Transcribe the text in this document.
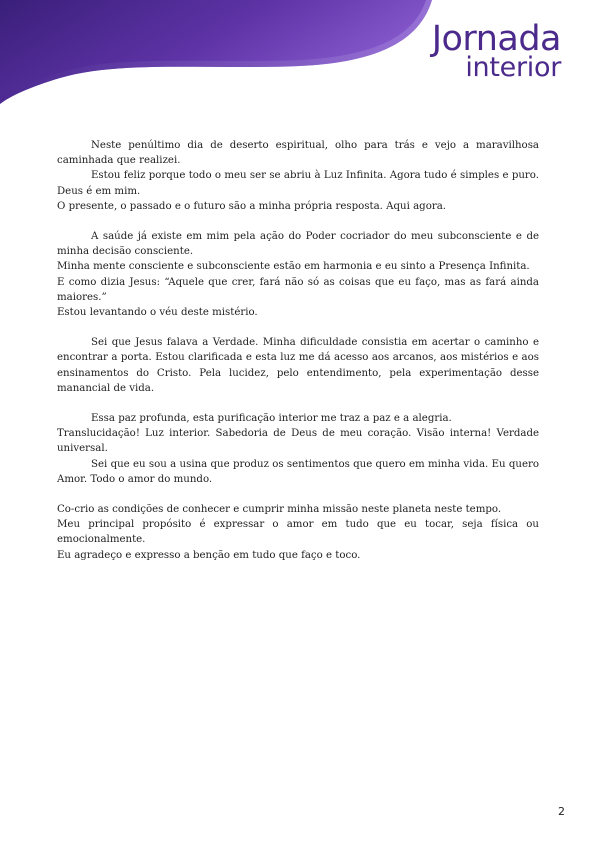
Jornada
interior

Neste penúltimo dia de deserto espiritual, olho para trás e vejo a maravilhosa caminhada que realizei.

Estou feliz porque todo o meu ser se abriu à Luz Infinita. Agora tudo é simples e puro. Deus é em mim.

O presente, o passado e o futuro são a minha própria resposta. Aqui agora.

A saúde já existe em mim pela ação do Poder cocriador do meu subconsciente e de minha decisão consciente.

Minha mente consciente e subconsciente estão em harmonia e eu sinto a Presença Infinita.

E como dizia Jesus: “Aquele que crer, fará não só as coisas que eu faço, mas as fará ainda maiores.”

Estou levantando o véu deste mistério.

Sei que Jesus falava a Verdade. Minha dificuldade consistia em acertar o caminho e encontrar a porta. Estou clarificada e esta luz me dá acesso aos arcanos, aos mistérios e aos ensinamentos do Cristo. Pela lucidez, pelo entendimento, pela experimentação desse manancial de vida.

Essa paz profunda, esta purificação interior me traz a paz e a alegria.

Translucidação! Luz interior. Sabedoria de Deus de meu coração. Visão interna! Verdade universal.

Sei que eu sou a usina que produz os sentimentos que quero em minha vida. Eu quero Amor. Todo o amor do mundo.

Co-crio as condições de conhecer e cumprir minha missão neste planeta neste tempo.

Meu principal propósito é expressar o amor em tudo que eu tocar, seja física ou emocionalmente.

Eu agradeço e expresso a benção em tudo que faço e toco.

2
